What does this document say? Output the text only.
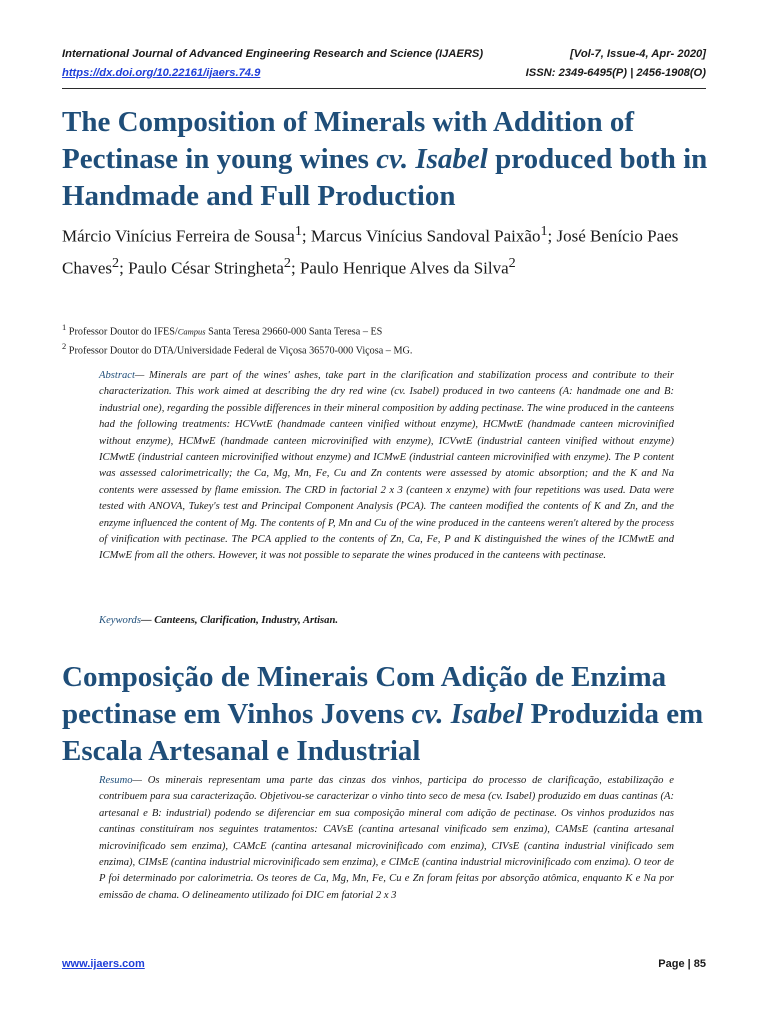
International Journal of Advanced Engineering Research and Science (IJAERS)	[Vol-7, Issue-4, Apr- 2020]
https://dx.doi.org/10.22161/ijaers.74.9	ISSN: 2349-6495(P) | 2456-1908(O)
The Composition of Minerals with Addition of Pectinase in young wines cv. Isabel produced both in Handmade and Full Production
Márcio Vinícius Ferreira de Sousa$^1$; Marcus Vinícius Sandoval Paixão$^1$; José Benício Paes Chaves$^2$; Paulo César Stringheta$^2$; Paulo Henrique Alves da Silva$^2$
$^1$ Professor Doutor do IFES/Campus Santa Teresa 29660-000 Santa Teresa – ES
$^2$ Professor Doutor do DTA/Universidade Federal de Viçosa 36570-000 Viçosa – MG.

Abstract— Minerals are part of the wines' ashes, take part in the clarification and stabilization process and contribute to their characterization. This work aimed at describing the dry red wine (cv. Isabel) produced in two canteens (A: handmade one and B: industrial one), regarding the possible differences in their mineral composition by adding pectinase. The wine produced in the canteens had the following treatments: HCVwtE (handmade canteen vinified without enzyme), HCMwtE (handmade canteen microvinified without enzyme), HCMwE (handmade canteen microvinified with enzyme), ICVwtE (industrial canteen vinified without enzyme) ICMwtE (industrial canteen microvinified without enzyme) and ICMwE (industrial canteen microvinified with enzyme). The P content was assessed calorimetrically; the Ca, Mg, Mn, Fe, Cu and Zn contents were assessed by atomic absorption; and the K and Na contents were assessed by flame emission. The CRD in factorial 2 x 3 (canteen x enzyme) with four repetitions was used. Data were tested with ANOVA, Tukey's test and Principal Component Analysis (PCA). The canteen modified the contents of K and Zn, and the enzyme influenced the content of Mg. The contents of P, Mn and Cu of the wine produced in the canteens weren't altered by the process of vinification with pectinase. The PCA applied to the contents of Zn, Ca, Fe, P and K distinguished the wines of the ICMwtE and ICMwE from all the others. However, it was not possible to separate the wines produced in the canteens with pectinase.

Keywords— Canteens, Clarification, Industry, Artisan.
Composição de Minerais Com Adição de Enzima pectinase em Vinhos Jovens cv. Isabel Produzida em Escala Artesanal e Industrial

Resumo— Os minerais representam uma parte das cinzas dos vinhos, participa do processo de clarificação, estabilização e contribuem para sua caracterização. Objetivou-se caracterizar o vinho tinto seco de mesa (cv. Isabel) produzido em duas cantinas (A: artesanal e B: industrial) podendo se diferenciar em sua composição mineral com adição de pectinase. Os vinhos produzidos nas cantinas constituíram nos seguintes tratamentos: CAVsE (cantina artesanal vinificado sem enzima), CAMsE (cantina artesanal microvinificado sem enzima), CAMcE (cantina artesanal microvinificado com enzima), CIVsE (cantina industrial vinificado sem enzima), CIMsE (cantina industrial microvinificado sem enzima), e CIMcE (cantina industrial microvinificado com enzima). O teor de P foi determinado por calorimetria. Os teores de Ca, Mg, Mn, Fe, Cu e Zn foram feitas por absorção atômica, enquanto K e Na por emissão de chama. O delineamento utilizado foi DIC em fatorial 2 x 3

www.ijaers.com	Page | 85
